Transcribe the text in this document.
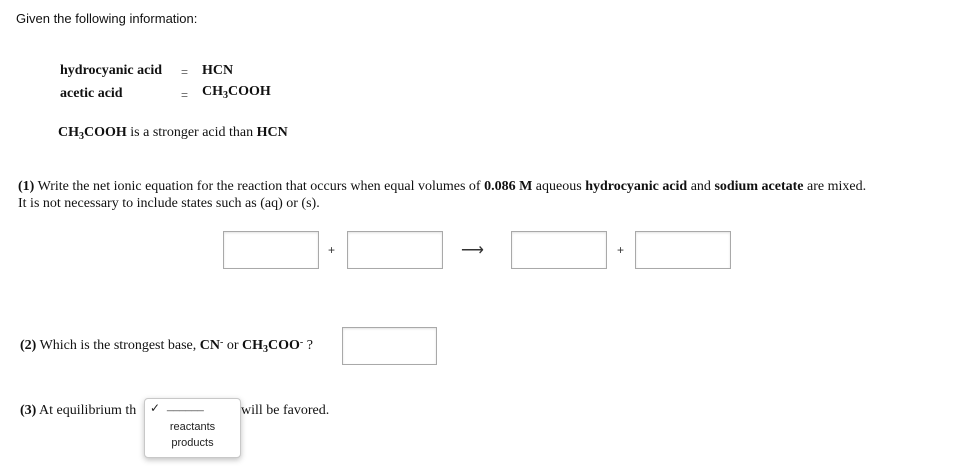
Given the following information:
hydrocyanic acid = HCN
acetic acid	= $CH_3COOH$
$CH_3COOH$ is a stronger acid than HCN
(1) Write the net ionic equation for the reaction that occurs when equal volumes of 0.086 M aqueous hydrocyanic acid and sodium acetate are mixed.
It is not necessary to include states such as (aq) or (s).
+	⟶	+
(2) Which is the strongest base, CN- or $CH_3COO^-$ ?
(3) At equilibrium th	will be favored.
✓ ______
reactants
products
